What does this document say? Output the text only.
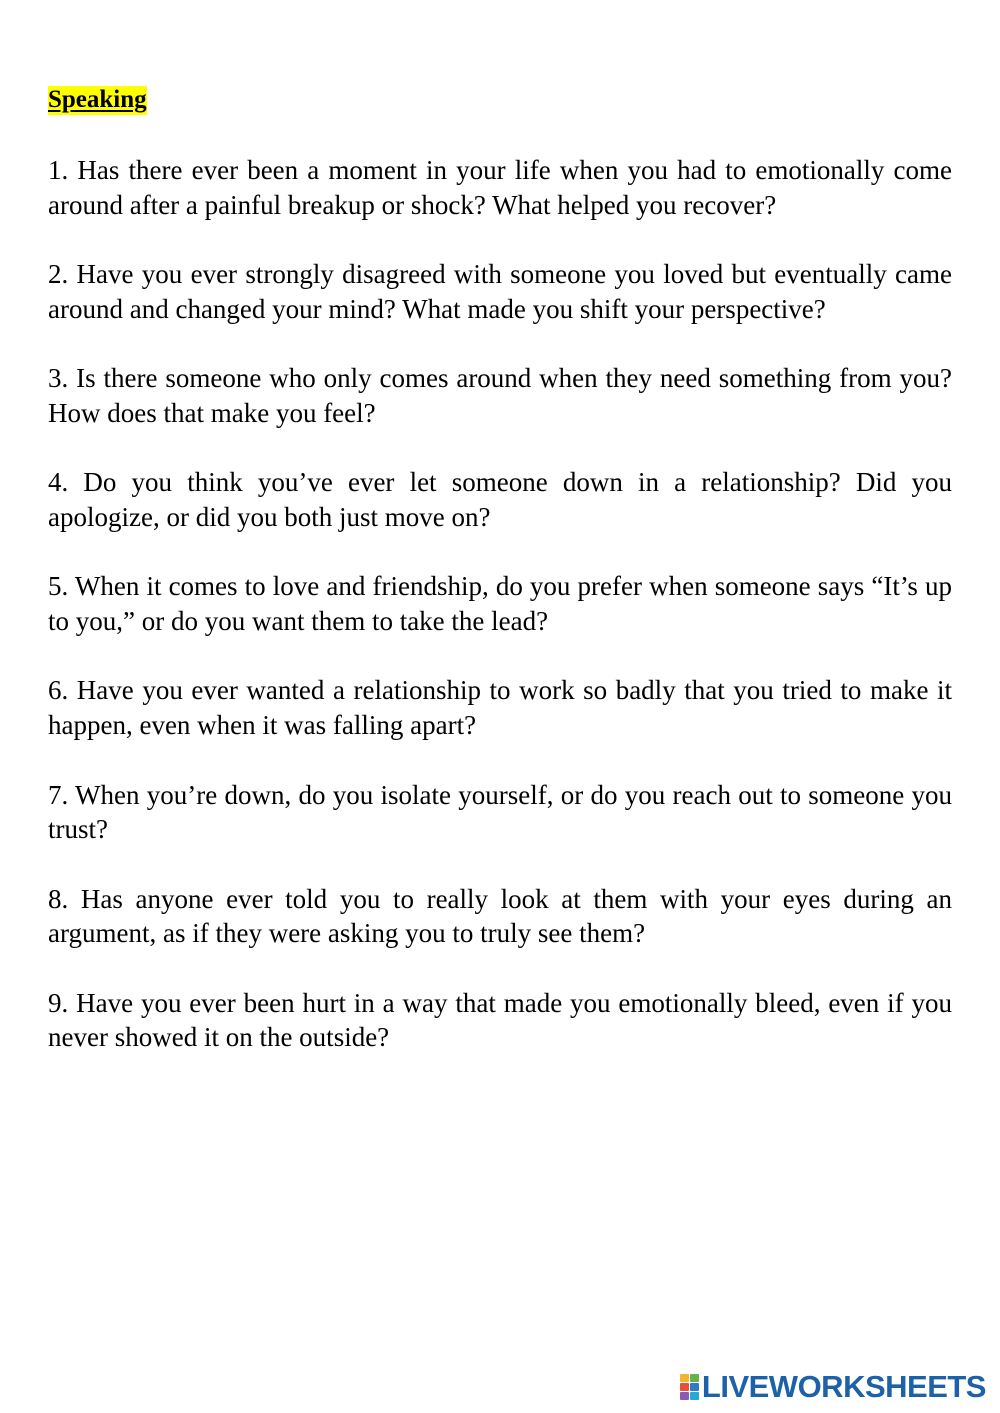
Speaking
1. Has there ever been a moment in your life when you had to emotionally come around after a painful breakup or shock? What helped you recover?
2. Have you ever strongly disagreed with someone you loved but eventually came around and changed your mind? What made you shift your perspective?
3. Is there someone who only comes around when they need something from you? How does that make you feel?
4. Do you think you’ve ever let someone down in a relationship? Did you apologize, or did you both just move on?
5. When it comes to love and friendship, do you prefer when someone says “It’s up to you,” or do you want them to take the lead?
6. Have you ever wanted a relationship to work so badly that you tried to make it happen, even when it was falling apart?
7. When you’re down, do you isolate yourself, or do you reach out to someone you trust?
8. Has anyone ever told you to really look at them with your eyes during an argument, as if they were asking you to truly see them?
9. Have you ever been hurt in a way that made you emotionally bleed, even if you never showed it on the outside?
LIVEWORKSHEETS
